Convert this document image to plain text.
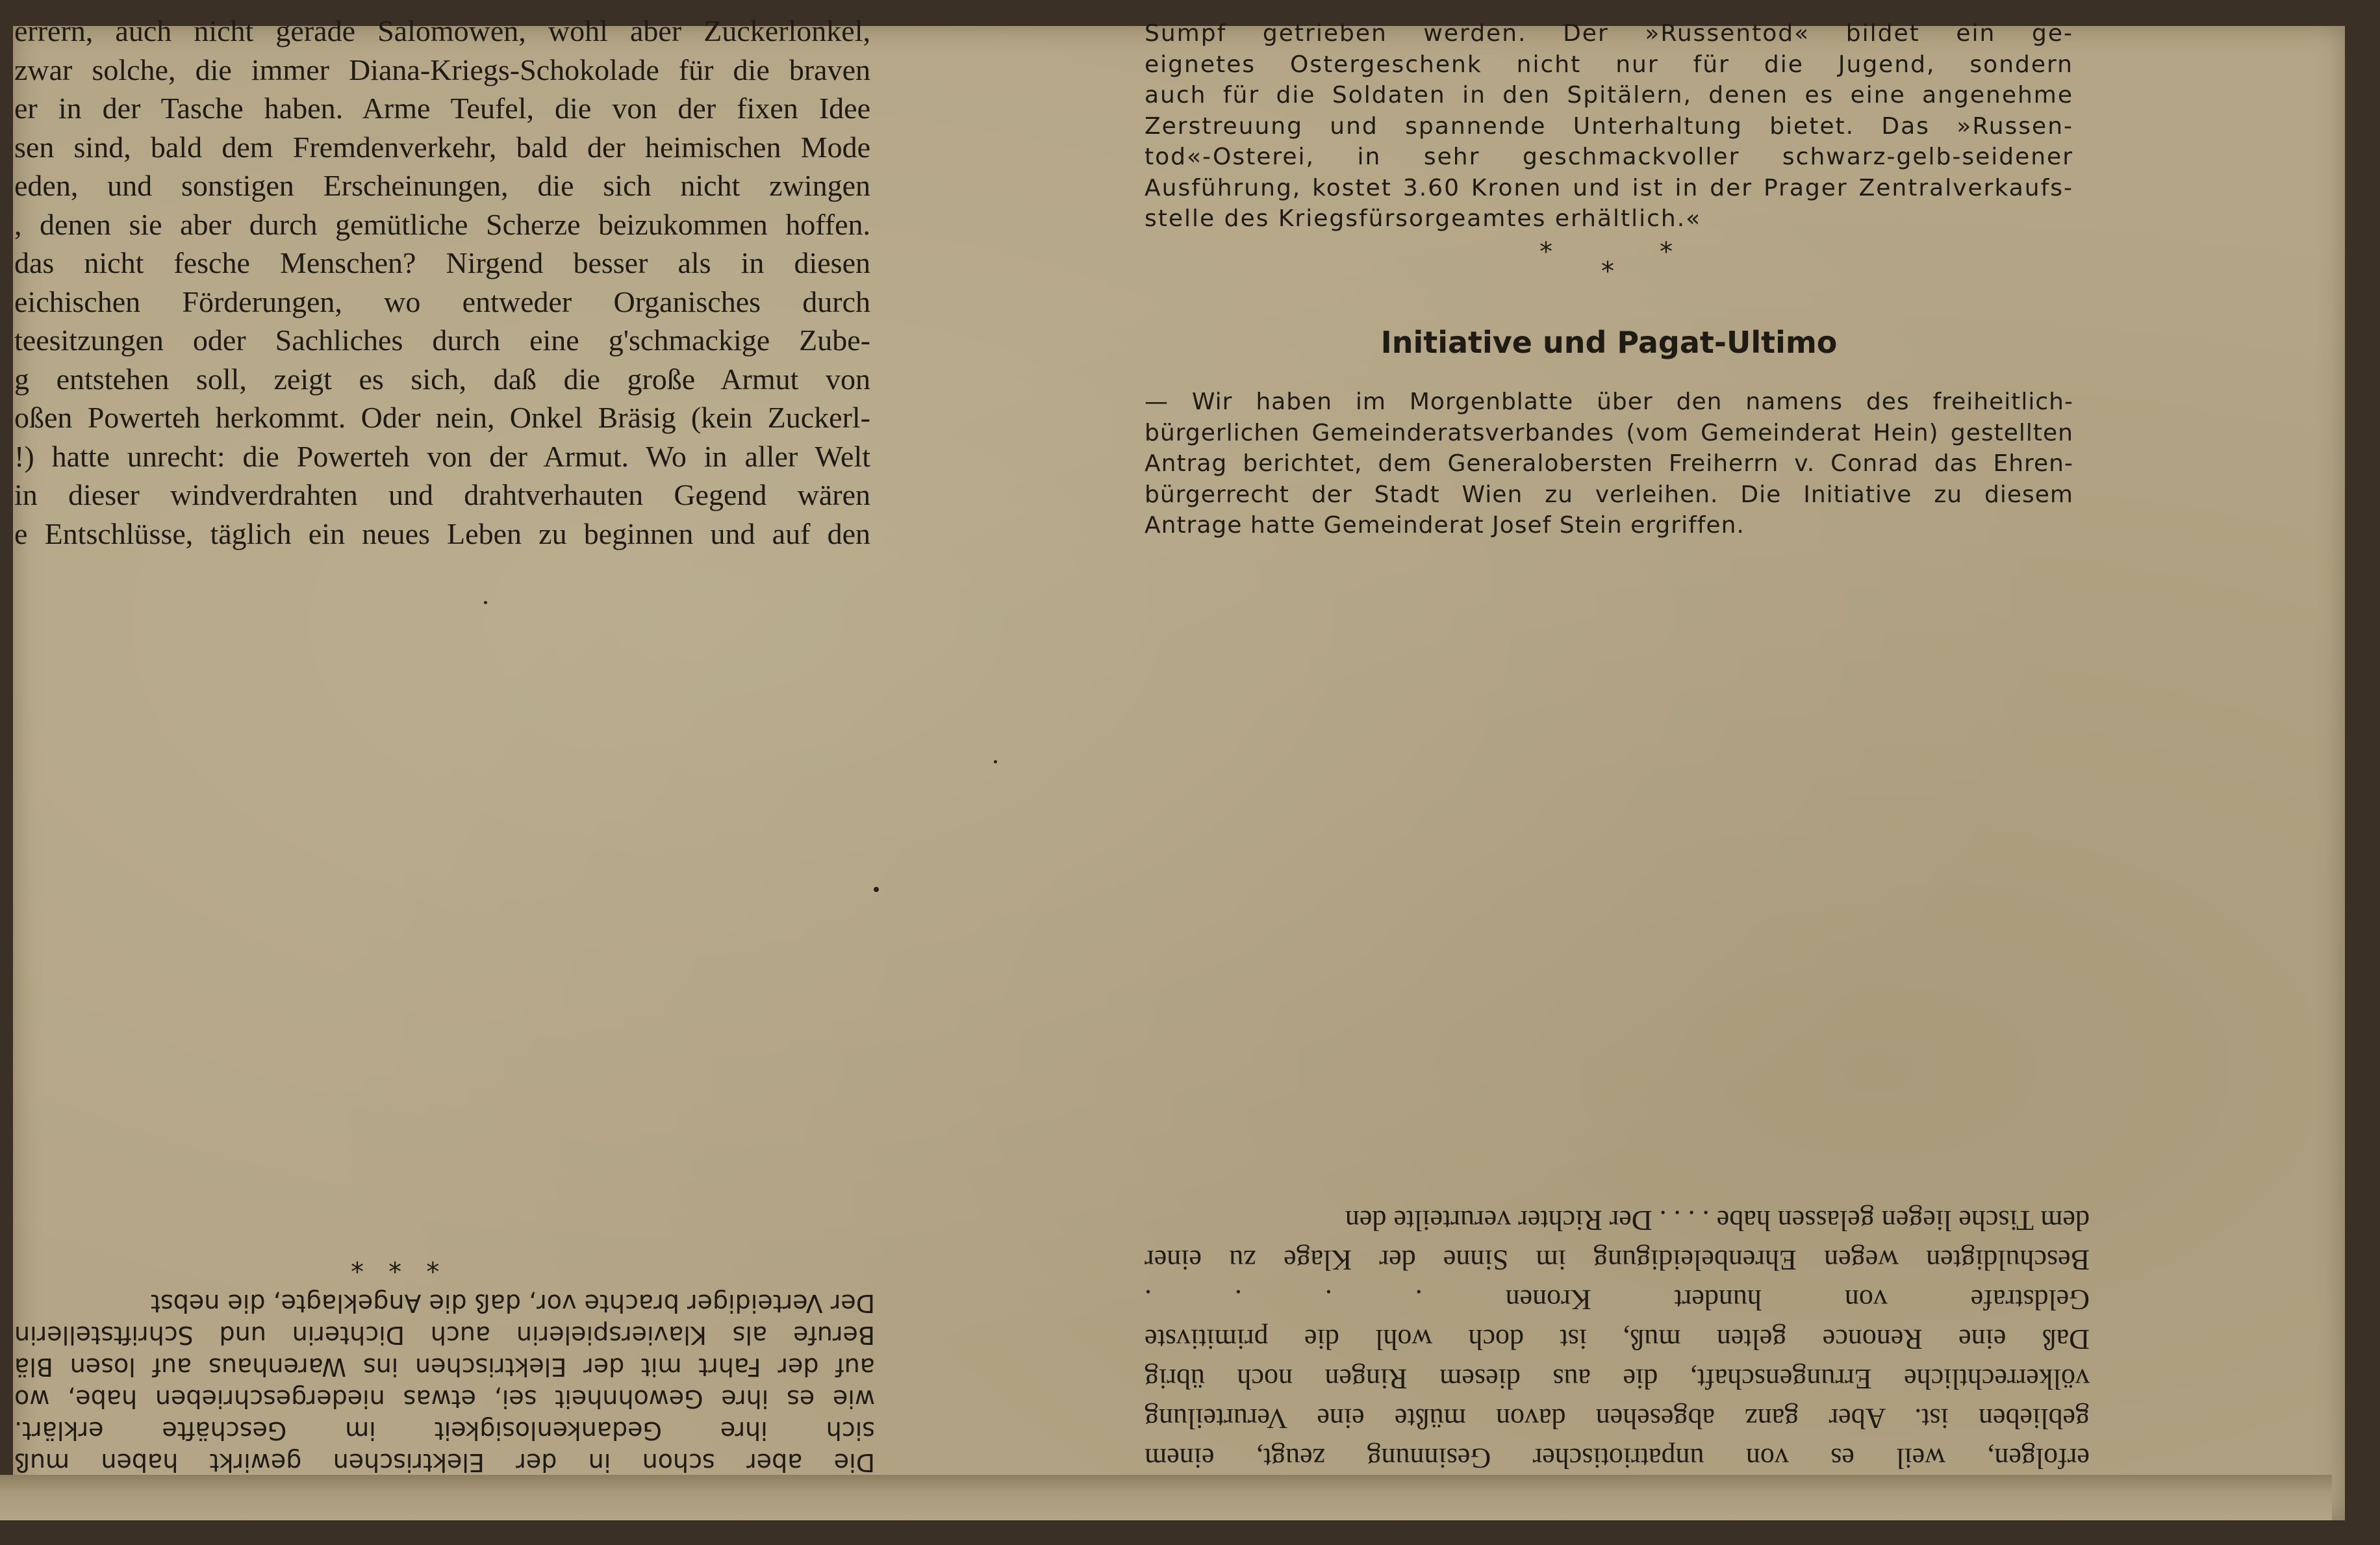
errern, auch nicht gerade Salomowen, wohl aber Zuckerlonkel,
zwar solche, die immer Diana-Kriegs-Schokolade für die braven
er in der Tasche haben. Arme Teufel, die von der fixen Idee
sen sind, bald dem Fremdenverkehr, bald der heimischen Mode
eden, und sonstigen Erscheinungen, die sich nicht zwingen
, denen sie aber durch gemütliche Scherze beizukommen hoffen.
das nicht fesche Menschen? Nirgend besser als in diesen
eichischen Förderungen, wo entweder Organisches durch
teesitzungen oder Sachliches durch eine g'schmackige Zube-
g entstehen soll, zeigt es sich, daß die große Armut von
oßen Powerteh herkommt. Oder nein, Onkel Bräsig (kein Zuckerl-
!) hatte unrecht: die Powerteh von der Armut. Wo in aller Welt
in dieser windverdrahten und drahtverhauten Gegend wären
e Entschlüsse, täglich ein neues Leben zu beginnen und auf den
Sumpf getrieben werden. Der »Russentod« bildet ein ge-
eignetes Ostergeschenk nicht nur für die Jugend, sondern
auch für die Soldaten in den Spitälern, denen es eine angenehme
Zerstreuung und spannende Unterhaltung bietet. Das »Russen-
tod«-Osterei, in sehr geschmackvoller schwarz-gelb-seidener
Ausführung, kostet 3.60 Kronen und ist in der Prager Zentralverkaufs-
stelle des Kriegsfürsorgeamtes erhältlich.«
*
*
*
Initiative und Pagat-Ultimo
— Wir haben im Morgenblatte über den namens des freiheitlich-
bürgerlichen Gemeinderatsverbandes (vom Gemeinderat Hein) gestellten
Antrag berichtet, dem Generalobersten Freiherrn v. Conrad das Ehren-
bürgerrecht der Stadt Wien zu verleihen. Die Initiative zu diesem
Antrage hatte Gemeinderat Josef Stein ergriffen.
*   *   *
Die aber schon in der Elektrischen gewirkt haben muß
sich ihre Gedankenlosigkeit im Geschäfte erklärt.
wie es ihre Gewohnheit sei, etwas niedergeschrieben habe, wo
auf der Fahrt mit der Elektrischen ins Warenhaus auf losen Blä
Berufe als Klavierspielerin auch Dichterin und Schriftstellerin
Der Verteidiger brachte vor, daß die Angeklagte, die nebst
erfolgen, weil es von unpatriotischer Gesinnung zeugt, einem
geblieben ist. Aber ganz abgesehen davon müßte eine Verurteilung
völkerrechtliche Errungenschaft, die aus diesem Ringen noch übrig
Daß eine Renonce gelten muß, ist doch wohl die primitivste
Geldstrafe von hundert Kronen . . . .
Beschuldigten wegen Ehrenbeleidigung im Sinne der Klage zu einer
dem Tische liegen gelassen habe . . . . Der Richter verurteilte den
